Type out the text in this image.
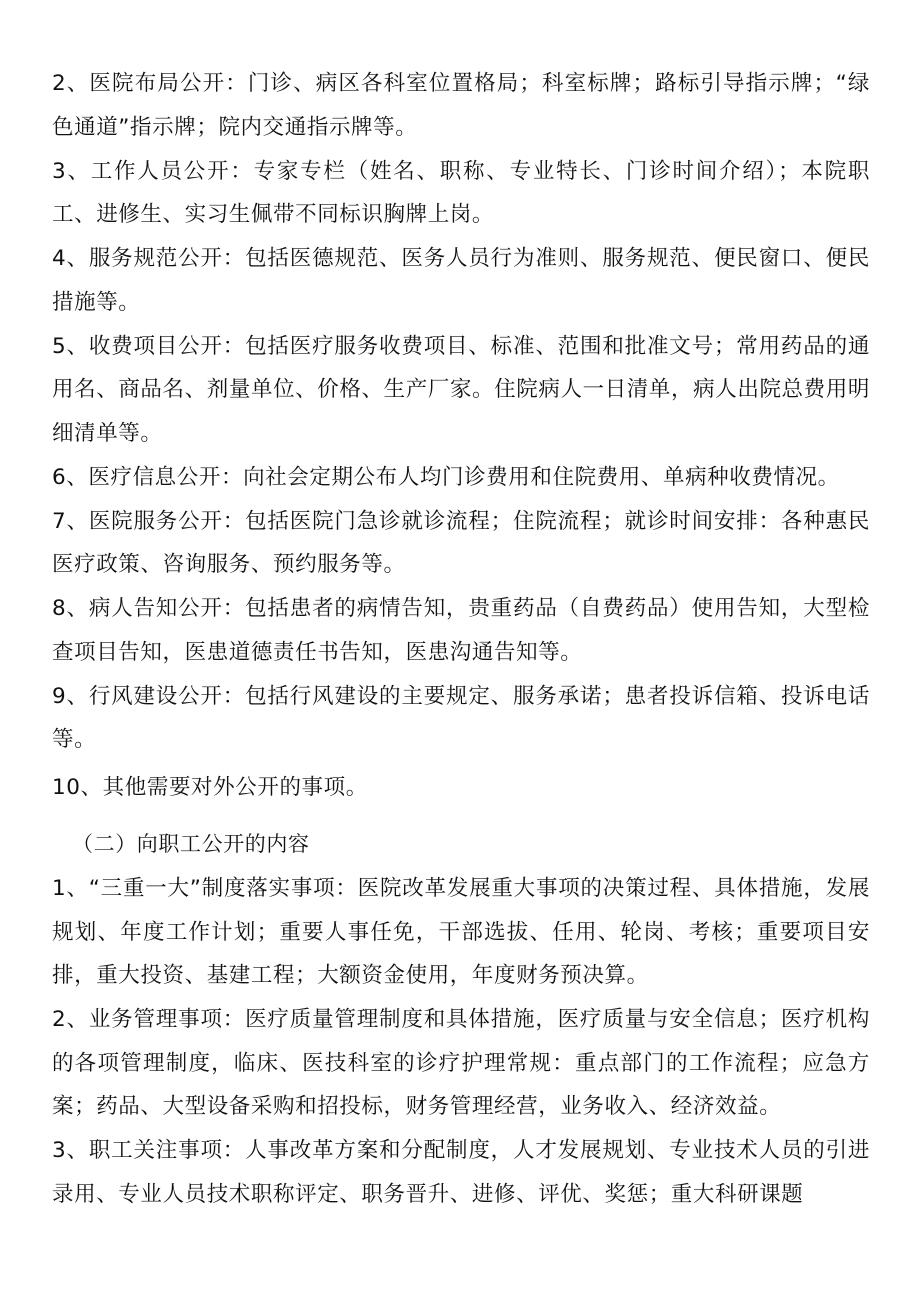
2、医院布局公开：门诊、病区各科室位置格局；科室标牌；路标引导指示牌；“绿色通道”指示牌；院内交通指示牌等。

3、工作人员公开：专家专栏（姓名、职称、专业特长、门诊时间介绍）；本院职工、进修生、实习生佩带不同标识胸牌上岗。

4、服务规范公开：包括医德规范、医务人员行为准则、服务规范、便民窗口、便民措施等。

5、收费项目公开：包括医疗服务收费项目、标准、范围和批准文号；常用药品的通用名、商品名、剂量单位、价格、生产厂家。住院病人一日清单，病人出院总费用明细清单等。

6、医疗信息公开：向社会定期公布人均门诊费用和住院费用、单病种收费情况。

7、医院服务公开：包括医院门急诊就诊流程；住院流程；就诊时间安排：各种惠民医疗政策、咨询服务、预约服务等。

8、病人告知公开：包括患者的病情告知，贵重药品（自费药品）使用告知，大型检查项目告知，医患道德责任书告知，医患沟通告知等。

9、行风建设公开：包括行风建设的主要规定、服务承诺；患者投诉信箱、投诉电话等。

10、其他需要对外公开的事项。

（二）向职工公开的内容

1、“三重一大”制度落实事项：医院改革发展重大事项的决策过程、具体措施，发展规划、年度工作计划；重要人事任免，干部选拔、任用、轮岗、考核；重要项目安排，重大投资、基建工程；大额资金使用，年度财务预决算。

2、业务管理事项：医疗质量管理制度和具体措施，医疗质量与安全信息；医疗机构的各项管理制度，临床、医技科室的诊疗护理常规：重点部门的工作流程；应急方案；药品、大型设备采购和招投标，财务管理经营，业务收入、经济效益。

3、职工关注事项：人事改革方案和分配制度，人才发展规划、专业技术人员的引进录用、专业人员技术职称评定、职务晋升、进修、评优、奖惩；重大科研课题
